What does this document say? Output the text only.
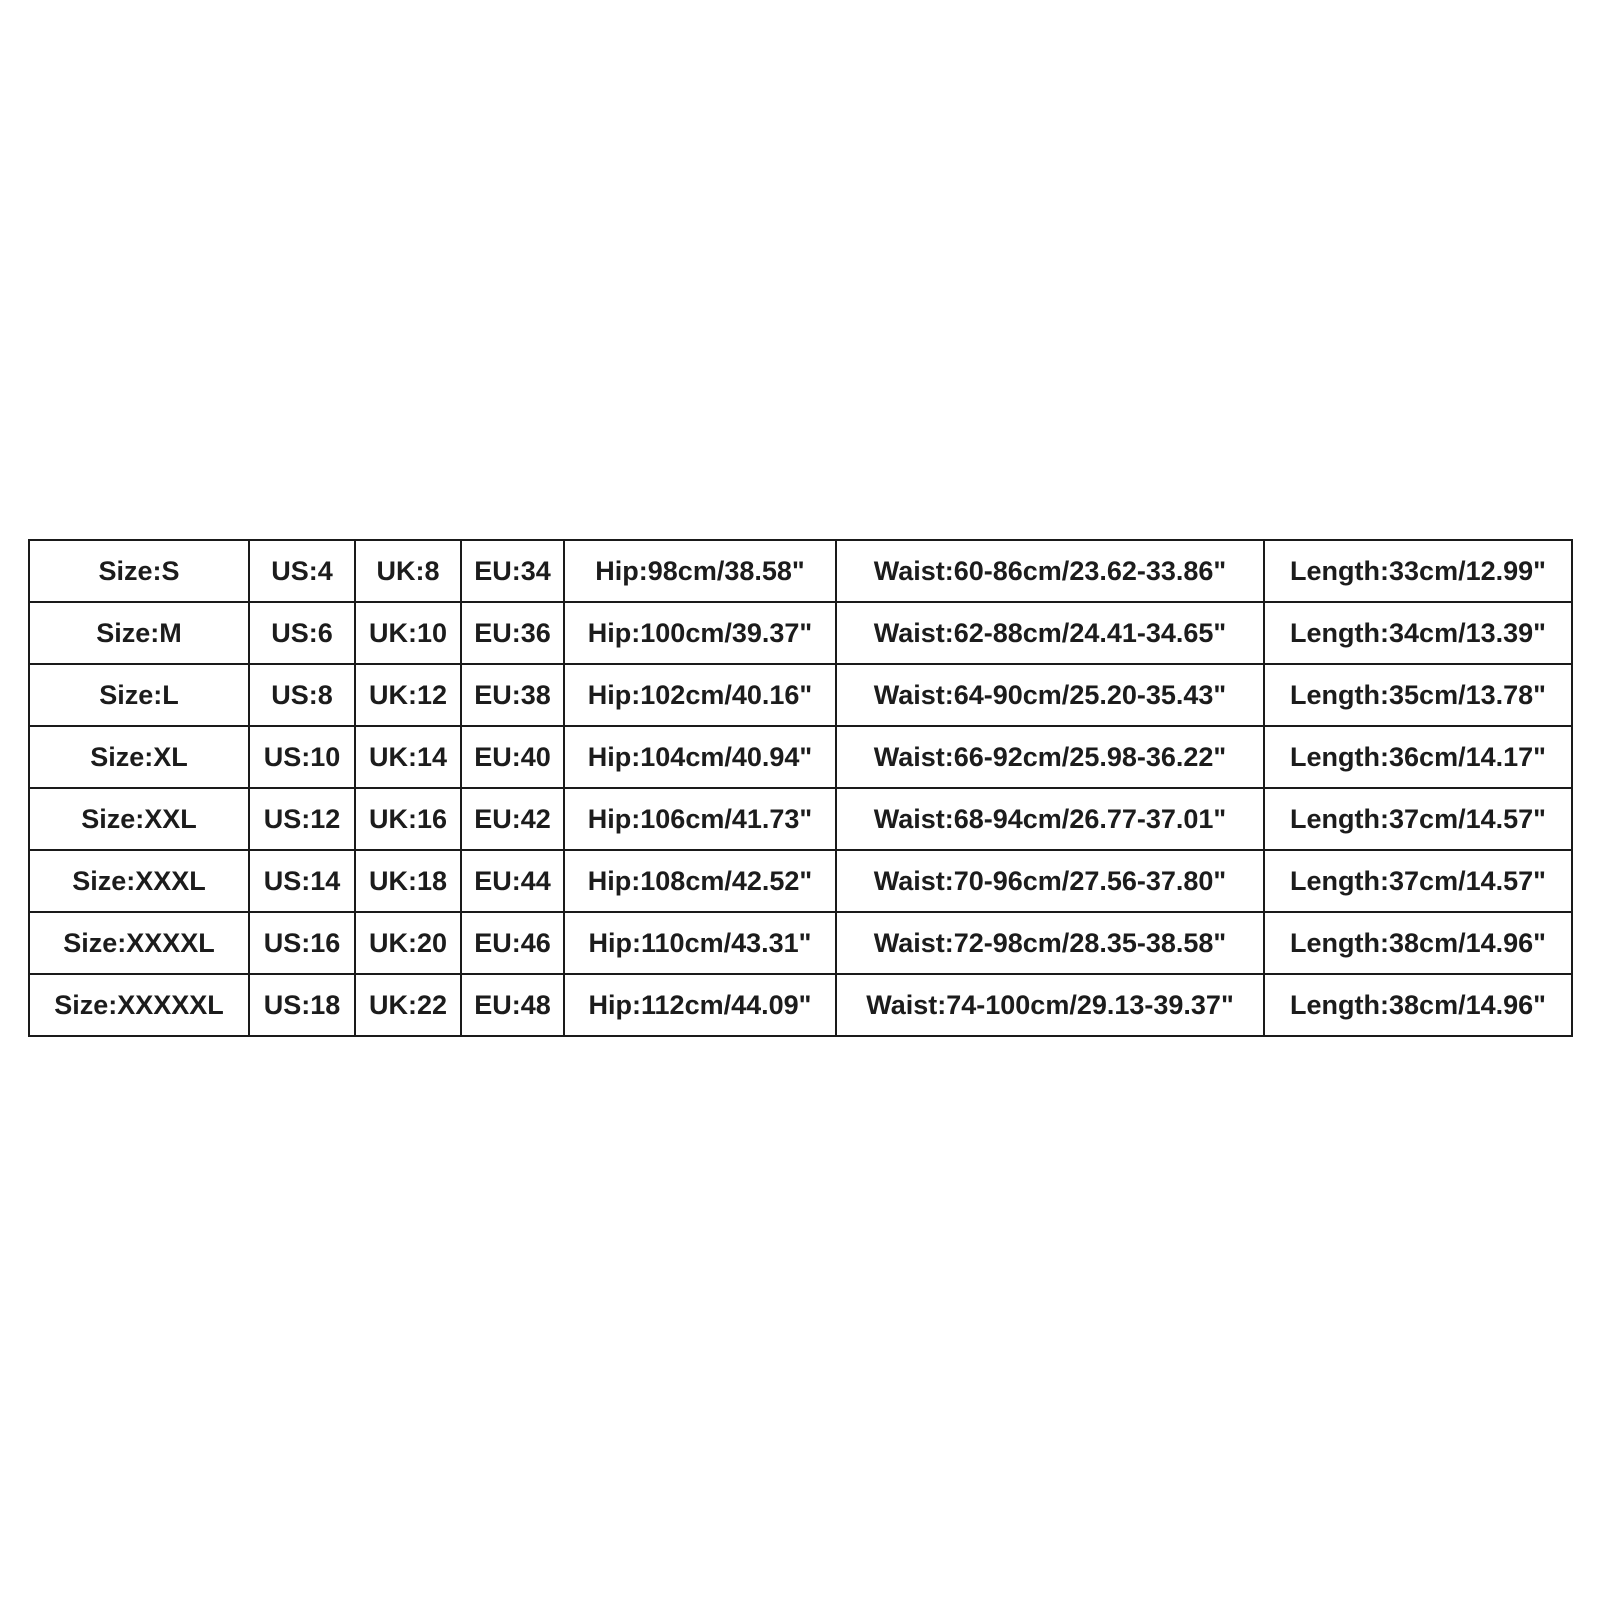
Size:S	US:4	UK:8	EU:34	Hip:98cm/38.58"	Waist:60-86cm/23.62-33.86"	Length:33cm/12.99"
Size:M	US:6	UK:10	EU:36	Hip:100cm/39.37"	Waist:62-88cm/24.41-34.65"	Length:34cm/13.39"
Size:L	US:8	UK:12	EU:38	Hip:102cm/40.16"	Waist:64-90cm/25.20-35.43"	Length:35cm/13.78"
Size:XL	US:10	UK:14	EU:40	Hip:104cm/40.94"	Waist:66-92cm/25.98-36.22"	Length:36cm/14.17"
Size:XXL	US:12	UK:16	EU:42	Hip:106cm/41.73"	Waist:68-94cm/26.77-37.01"	Length:37cm/14.57"
Size:XXXL	US:14	UK:18	EU:44	Hip:108cm/42.52"	Waist:70-96cm/27.56-37.80"	Length:37cm/14.57"
Size:XXXXL	US:16	UK:20	EU:46	Hip:110cm/43.31"	Waist:72-98cm/28.35-38.58"	Length:38cm/14.96"
Size:XXXXXL	US:18	UK:22	EU:48	Hip:112cm/44.09"	Waist:74-100cm/29.13-39.37"	Length:38cm/14.96"
